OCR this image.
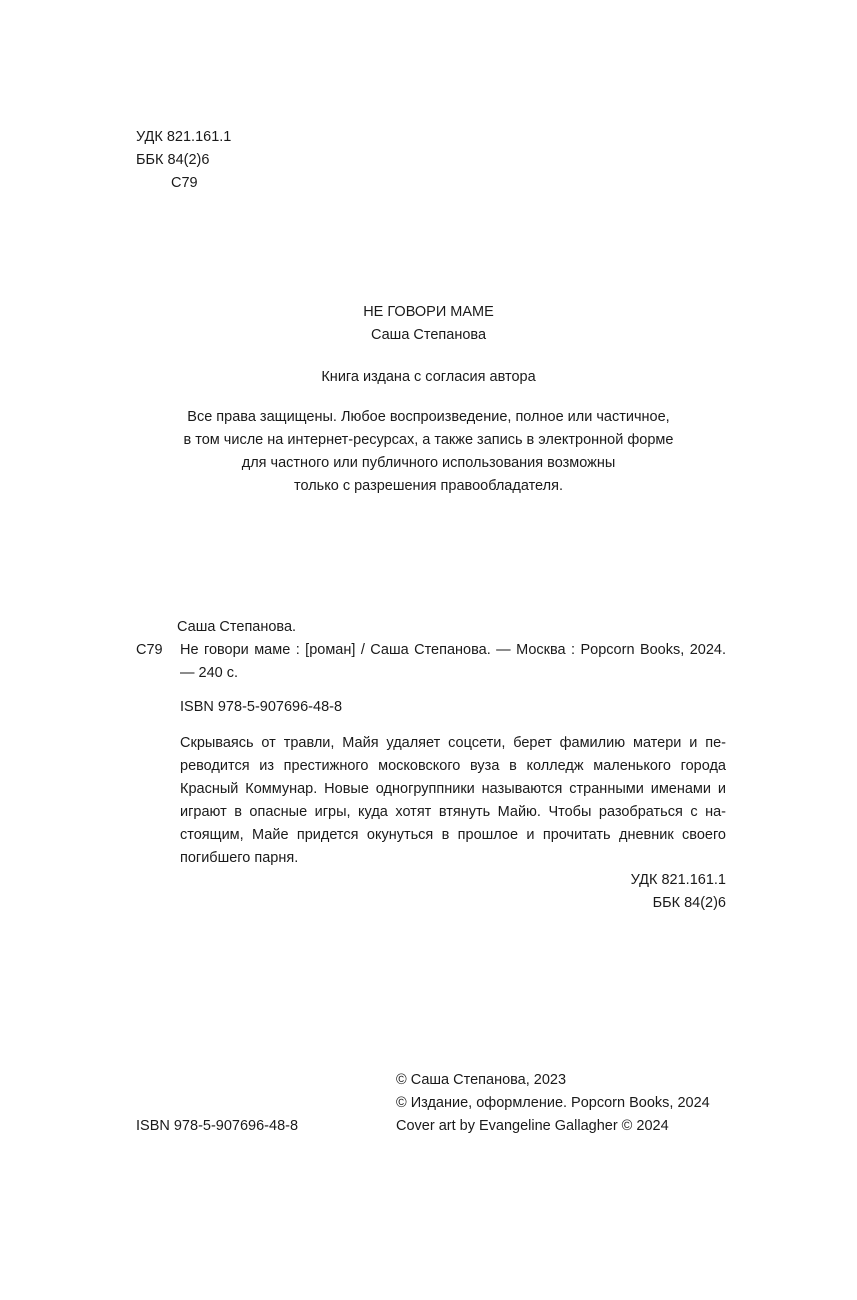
УДК 821.161.1
ББК 84(2)6
С79
НЕ ГОВОРИ МАМЕ
Саша Степанова
Книга издана с согласия автора
Все права защищены. Любое воспроизведение, полное или частичное,
в том числе на интернет-ресурсах, а также запись в электронной форме
для частного или публичного использования возможны
только с разрешения правообладателя.
Саша Степанова.
С79 Не говори маме : [роман] / Саша Степанова. — Москва : Popcorn Books, 2024. — 240 с.
ISBN 978-5-907696-48-8
Скрываясь от травли, Майя удаляет соцсети, берет фамилию матери и переводится из престижного московского вуза в колледж маленького города Красный Коммунар. Новые одногруппники называются странными именами и играют в опасные игры, куда хотят втянуть Майю. Чтобы разобраться с настоящим, Майе придется окунуться в прошлое и прочитать дневник своего погибшего парня.
УДК 821.161.1
ББК 84(2)6
ISBN 978-5-907696-48-8
© Саша Степанова, 2023
© Издание, оформление. Popcorn Books, 2024
Cover art by Evangeline Gallagher © 2024
